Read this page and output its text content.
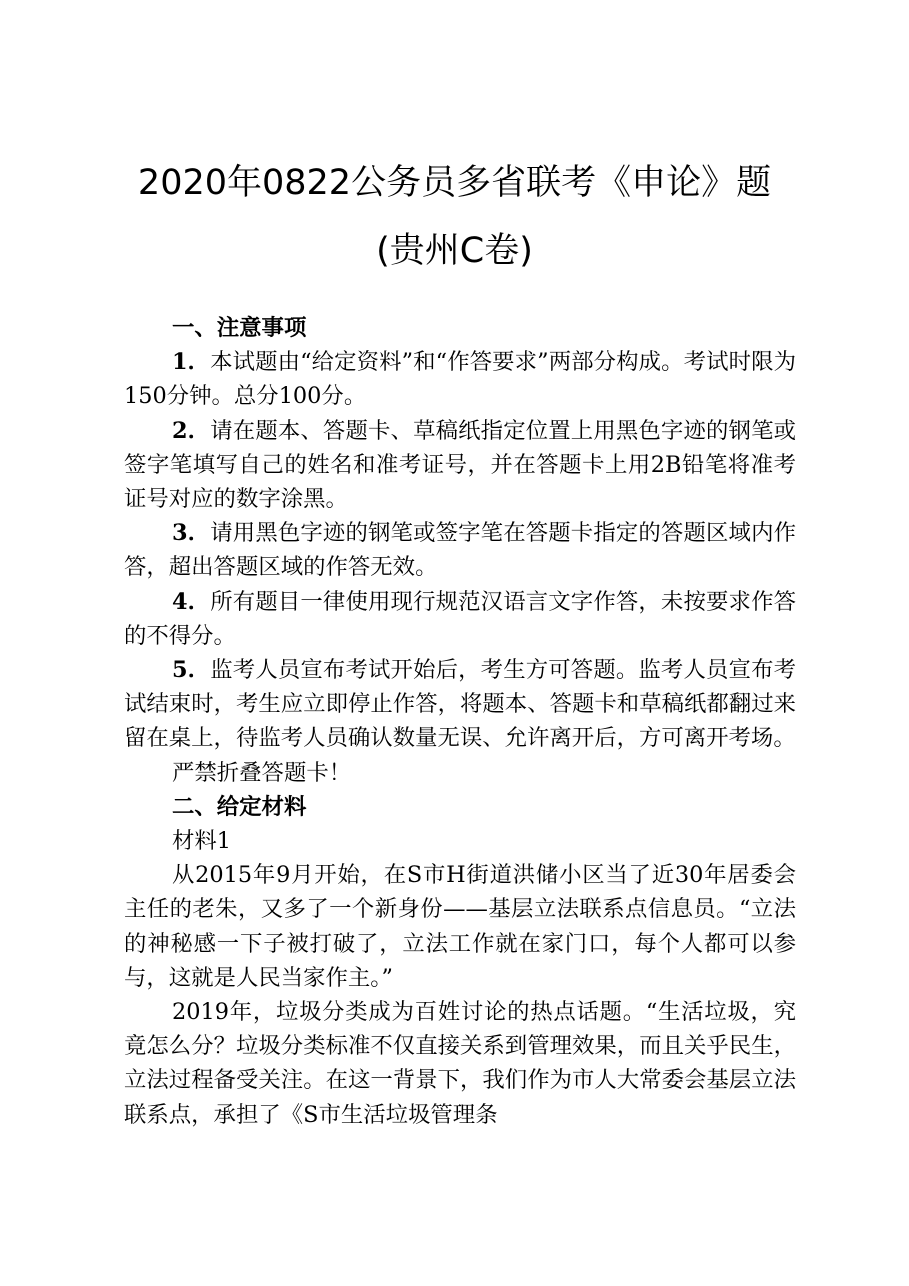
2020年0822公务员多省联考《申论》题
(贵州C卷)

一、注意事项

1．本试题由“给定资料”和“作答要求”两部分构成。考试时限为150分钟。总分100分。

2．请在题本、答题卡、草稿纸指定位置上用黑色字迹的钢笔或签字笔填写自己的姓名和准考证号，并在答题卡上用2B铅笔将准考证号对应的数字涂黑。

3．请用黑色字迹的钢笔或签字笔在答题卡指定的答题区域内作答，超出答题区域的作答无效。

4．所有题目一律使用现行规范汉语言文字作答，未按要求作答的不得分。

5．监考人员宣布考试开始后，考生方可答题。监考人员宣布考试结束时，考生应立即停止作答，将题本、答题卡和草稿纸都翻过来留在桌上，待监考人员确认数量无误、允许离开后，方可离开考场。

严禁折叠答题卡！

二、给定材料

材料1

从2015年9月开始，在S市H街道洪储小区当了近30年居委会主任的老朱，又多了一个新身份——基层立法联系点信息员。“立法的神秘感一下子被打破了，立法工作就在家门口，每个人都可以参与，这就是人民当家作主。”

2019年，垃圾分类成为百姓讨论的热点话题。“生活垃圾，究竟怎么分？垃圾分类标准不仅直接关系到管理效果，而且关乎民生，立法过程备受关注。在这一背景下，我们作为市人大常委会基层立法联系点，承担了《S市生活垃圾管理条
